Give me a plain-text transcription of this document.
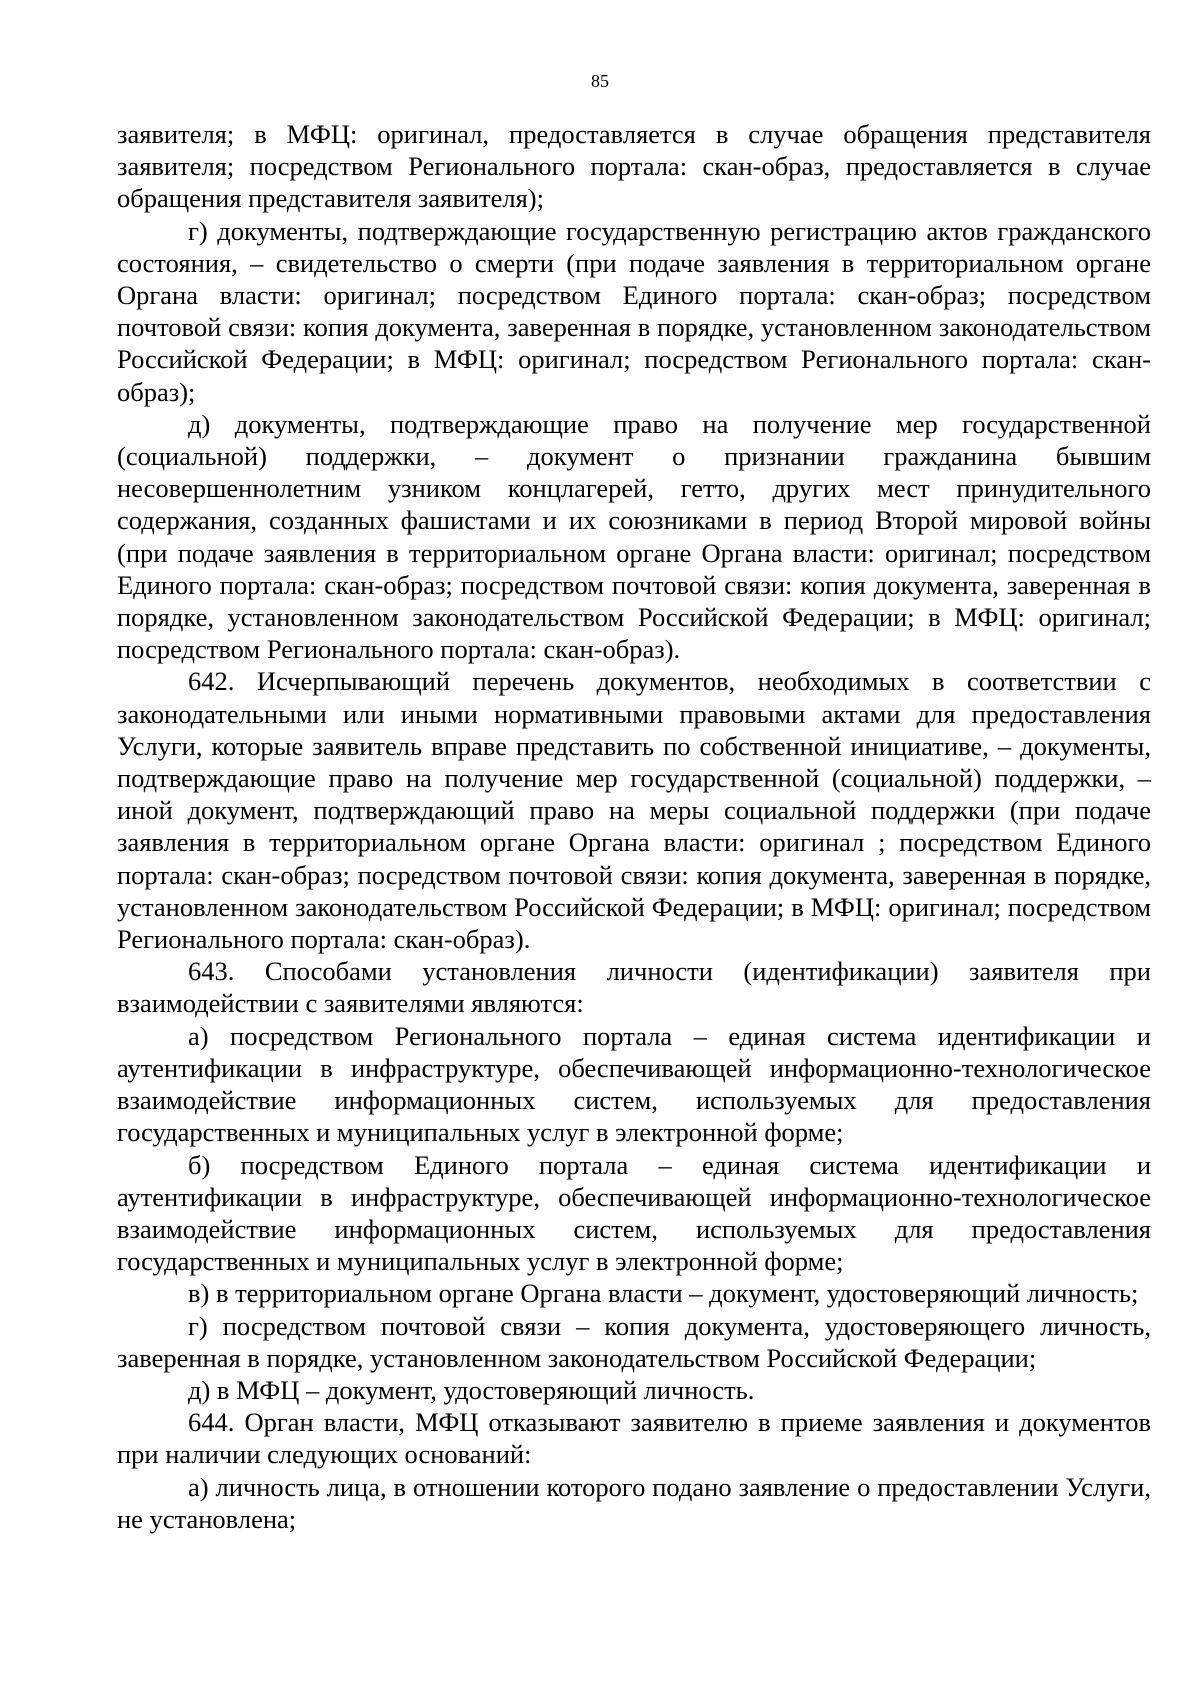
85

заявителя; в МФЦ: оригинал, предоставляется в случае обращения представителя заявителя; посредством Регионального портала: скан-образ, предоставляется в случае обращения представителя заявителя);

г) документы, подтверждающие государственную регистрацию актов гражданского состояния, – свидетельство о смерти (при подаче заявления в территориальном органе Органа власти: оригинал; посредством Единого портала: скан-образ; посредством почтовой связи: копия документа, заверенная в порядке, установленном законодательством Российской Федерации; в МФЦ: оригинал; посредством Регионального портала: скан-образ);

д) документы, подтверждающие право на получение мер государственной (социальной) поддержки, – документ о признании гражданина бывшим несовершеннолетним узником концлагерей, гетто, других мест принудительного содержания, созданных фашистами и их союзниками в период Второй мировой войны (при подаче заявления в территориальном органе Органа власти: оригинал; посредством Единого портала: скан-образ; посредством почтовой связи: копия документа, заверенная в порядке, установленном законодательством Российской Федерации; в МФЦ: оригинал; посредством Регионального портала: скан-образ).

642. Исчерпывающий перечень документов, необходимых в соответствии с законодательными или иными нормативными правовыми актами для предоставления Услуги, которые заявитель вправе представить по собственной инициативе, – документы, подтверждающие право на получение мер государственной (социальной) поддержки, – иной документ, подтверждающий право на меры социальной поддержки (при подаче заявления в территориальном органе Органа власти: оригинал ; посредством Единого портала: скан-образ; посредством почтовой связи: копия документа, заверенная в порядке, установленном законодательством Российской Федерации; в МФЦ: оригинал; посредством Регионального портала: скан-образ).

643. Способами установления личности (идентификации) заявителя при взаимодействии с заявителями являются:

а) посредством Регионального портала – единая система идентификации и аутентификации в инфраструктуре, обеспечивающей информационно-технологическое взаимодействие информационных систем, используемых для предоставления государственных и муниципальных услуг в электронной форме;

б) посредством Единого портала – единая система идентификации и аутентификации в инфраструктуре, обеспечивающей информационно-технологическое взаимодействие информационных систем, используемых для предоставления государственных и муниципальных услуг в электронной форме;

в) в территориальном органе Органа власти – документ, удостоверяющий личность;

г) посредством почтовой связи – копия документа, удостоверяющего личность, заверенная в порядке, установленном законодательством Российской Федерации;

д) в МФЦ – документ, удостоверяющий личность.

644. Орган власти, МФЦ отказывают заявителю в приеме заявления и документов при наличии следующих оснований:

а) личность лица, в отношении которого подано заявление о предоставлении Услуги, не установлена;
